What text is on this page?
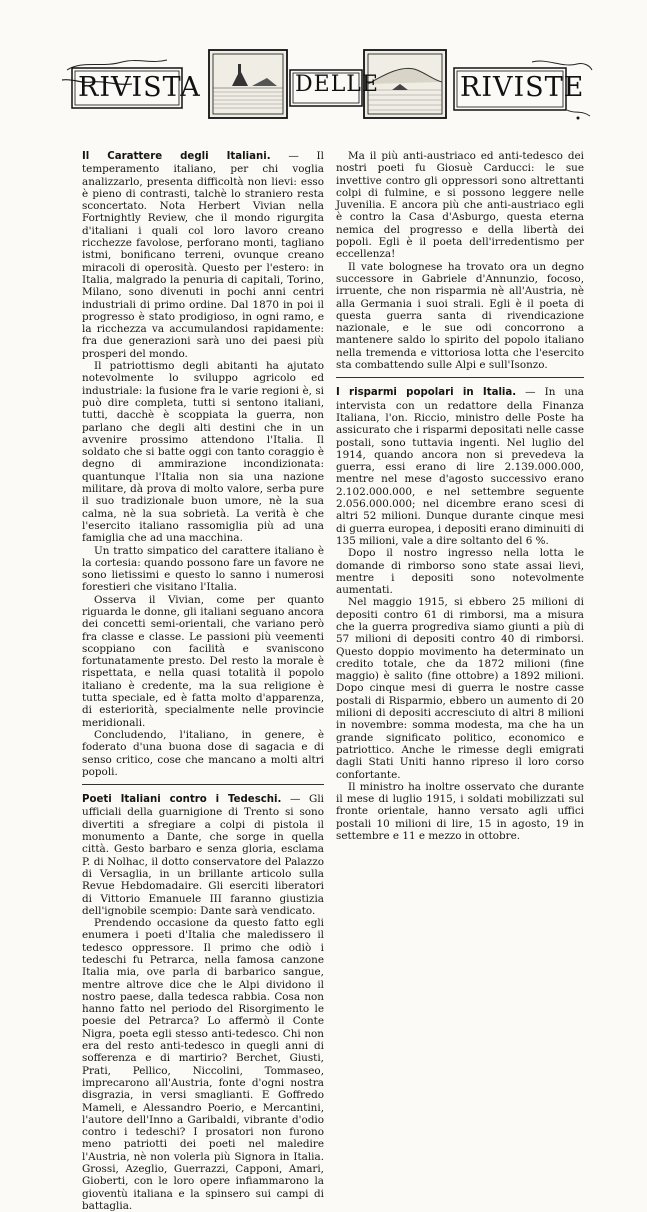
RIVISTA	DELLE	RIVISTE

Il Carattere degli Italiani. — Il temperamento italiano, per chi voglia analizzarlo, presenta difficoltà non lievi: esso è pieno di contrasti, talchè lo straniero resta sconcertato. Nota Herbert Vivian nella Fortnightly Review, che il mondo rigurgita d'italiani i quali col loro lavoro creano ricchezze favolose, perforano monti, tagliano istmi, bonificano terreni, ovunque creano miracoli di operosità. Questo per l'estero: in Italia, malgrado la penuria di capitali, Torino, Milano, sono divenuti in pochi anni centri industriali di primo ordine. Dal 1870 in poi il progresso è stato prodigioso, in ogni ramo, e la ricchezza va accumulandosi rapidamente: fra due generazioni sarà uno dei paesi più prosperi del mondo.

Il patriottismo degli abitanti ha ajutato notevolmente lo sviluppo agricolo ed industriale: la fusione fra le varie regioni è, si può dire completa, tutti si sentono italiani, tutti, dacchè è scoppiata la guerra, non parlano che degli alti destini che in un avvenire prossimo attendono l'Italia. Il soldato che si batte oggi con tanto coraggio è degno di ammirazione incondizionata: quantunque l'Italia non sia una nazione militare, dà prova di molto valore, serba pure il suo tradizionale buon umore, nè la sua calma, nè la sua sobrietà. La verità è che l'esercito italiano rassomiglia più ad una famiglia che ad una macchina.

Un tratto simpatico del carattere italiano è la cortesia: quando possono fare un favore ne sono lietissimi e questo lo sanno i numerosi forestieri che visitano l'Italia.

Osserva il Vivian, come per quanto riguarda le donne, gli italiani seguano ancora dei concetti semi-orientali, che variano però fra classe e classe. Le passioni più veementi scoppiano con facilità e svaniscono fortunatamente presto. Del resto la morale è rispettata, e nella quasi totalità il popolo italiano è credente, ma la sua religione è tutta speciale, ed è fatta molto d'apparenza, di esteriorità, specialmente nelle provincie meridionali.

Concludendo, l'italiano, in genere, è foderato d'una buona dose di sagacia e di senso critico, cose che mancano a molti altri popoli.

Poeti Italiani contro i Tedeschi. — Gli ufficiali della guarnigione di Trento si sono divertiti a sfregiare a colpi di pistola il monumento a Dante, che sorge in quella città. Gesto barbaro e senza gloria, esclama P. di Nolhac, il dotto conservatore del Palazzo di Versaglia, in un brillante articolo sulla Revue Hebdomadaire. Gli eserciti liberatori di Vittorio Emanuele III faranno giustizia dell'ignobile scempio: Dante sarà vendicato.

Prendendo occasione da questo fatto egli enumera i poeti d'Italia che maledissero il tedesco oppressore. Il primo che odiò i tedeschi fu Petrarca, nella famosa canzone Italia mia, ove parla di barbarico sangue, mentre altrove dice che le Alpi dividono il nostro paese, dalla tedesca rabbia. Cosa non hanno fatto nel periodo del Risorgimento le poesie del Petrarca? Lo affermò il Conte Nigra, poeta egli stesso anti-tedesco. Chi non era del resto anti-tedesco in quegli anni di sofferenza e di martirio? Berchet, Giusti, Prati, Pellico, Niccolini, Tommaseo, imprecarono all'Austria, fonte d'ogni nostra disgrazia, in versi smaglianti. E Goffredo Mameli, e Alessandro Poerio, e Mercantini, l'autore dell'Inno a Garibaldi, vibrante d'odio contro i tedeschi? I prosatori non furono meno patriotti dei poeti nel maledire l'Austria, nè non volerla più Signora in Italia. Grossi, Azeglio, Guerrazzi, Capponi, Amari, Gioberti, con le loro opere infiammarono la gioventù italiana e la spinsero sui campi di battaglia.

Ma il più anti-austriaco ed anti-tedesco dei nostri poeti fu Giosuè Carducci: le sue invettive contro gli oppressori sono altrettanti colpi di fulmine, e si possono leggere nelle Juvenilia. E ancora più che anti-austriaco egli è contro la Casa d'Asburgo, questa eterna nemica del progresso e della libertà dei popoli. Egli è il poeta dell'irredentismo per eccellenza!

Il vate bolognese ha trovato ora un degno successore in Gabriele d'Annunzio, focoso, irruente, che non risparmia nè all'Austria, nè alla Germania i suoi strali. Egli è il poeta di questa guerra santa di rivendicazione nazionale, e le sue odi concorrono a mantenere saldo lo spirito del popolo italiano nella tremenda e vittoriosa lotta che l'esercito sta combattendo sulle Alpi e sull'Isonzo.

I risparmi popolari in Italia. — In una intervista con un redattore della Finanza Italiana, l'on. Riccio, ministro delle Poste ha assicurato che i risparmi depositati nelle casse postali, sono tuttavia ingenti. Nel luglio del 1914, quando ancora non si prevedeva la guerra, essi erano di lire 2.139.000.000, mentre nel mese d'agosto successivo erano 2.102.000.000, e nel settembre seguente 2.056.000.000; nel dicembre erano scesi di altri 52 milioni. Dunque durante cinque mesi di guerra europea, i depositi erano diminuiti di 135 milioni, vale a dire soltanto del 6 %.

Dopo il nostro ingresso nella lotta le domande di rimborso sono state assai lievi, mentre i depositi sono notevolmente aumentati.

Nel maggio 1915, si ebbero 25 milioni di depositi contro 61 di rimborsi, ma a misura che la guerra progrediva siamo giunti a più di 57 milioni di depositi contro 40 di rimborsi. Questo doppio movimento ha determinato un credito totale, che da 1872 milioni (fine maggio) è salito (fine ottobre) a 1892 milioni. Dopo cinque mesi di guerra le nostre casse postali di Risparmio, ebbero un aumento di 20 milioni di depositi accresciuto di altri 8 milioni in novembre: somma modesta, ma che ha un grande significato politico, economico e patriottico. Anche le rimesse degli emigrati dagli Stati Uniti hanno ripreso il loro corso confortante.

Il ministro ha inoltre osservato che durante il mese di luglio 1915, i soldati mobilizzati sul fronte orientale, hanno versato agli uffici postali 10 milioni di lire, 15 in agosto, 19 in settembre e 11 e mezzo in ottobre.
